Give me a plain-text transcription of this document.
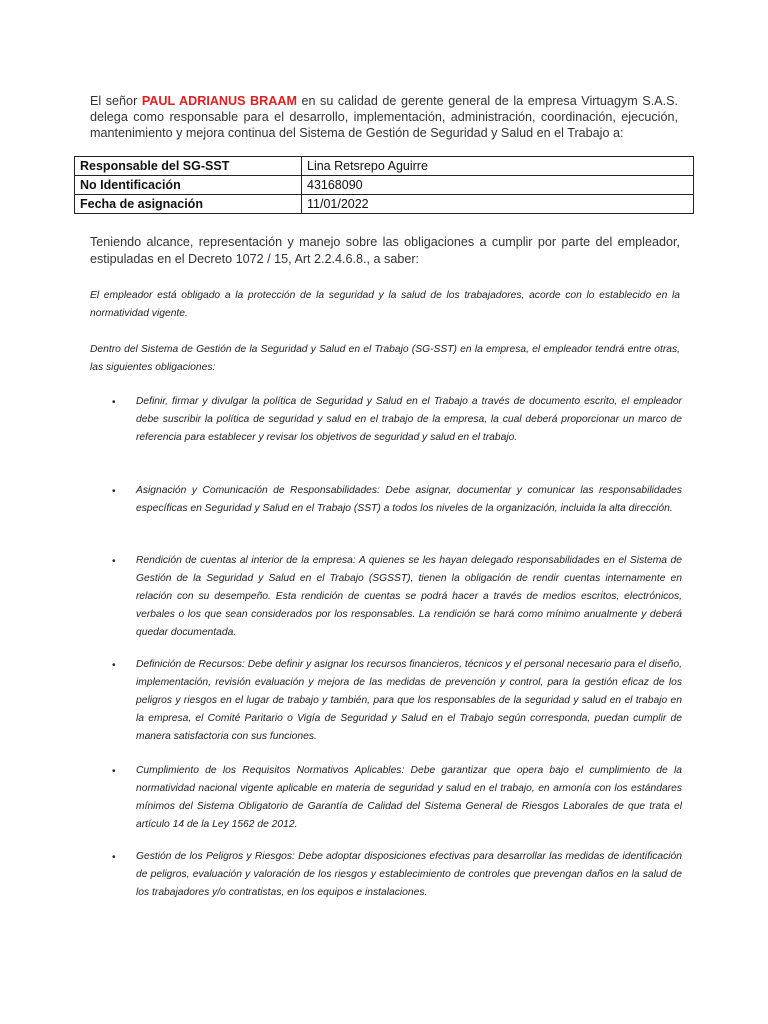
El señor PAUL ADRIANUS BRAAM en su calidad de gerente general de la empresa Virtuagym S.A.S. delega como responsable para el desarrollo, implementación, administración, coordinación, ejecución, mantenimiento y mejora continua del Sistema de Gestión de Seguridad y Salud en el Trabajo a:

Responsable del SG-SST	Lina Retsrepo Aguirre
No Identificación	43168090
Fecha de asignación	11/01/2022

Teniendo alcance, representación y manejo sobre las obligaciones a cumplir por parte del empleador, estipuladas en el Decreto 1072 / 15, Art 2.2.4.6.8., a saber:

El empleador está obligado a la protección de la seguridad y la salud de los trabajadores, acorde con lo establecido en la normatividad vigente.

Dentro del Sistema de Gestión de la Seguridad y Salud en el Trabajo (SG-SST) en la empresa, el empleador tendrá entre otras, las siguientes obligaciones:

• Definir, firmar y divulgar la política de Seguridad y Salud en el Trabajo a través de documento escrito, el empleador debe suscribir la política de seguridad y salud en el trabajo de la empresa, la cual deberá proporcionar un marco de referencia para establecer y revisar los objetivos de seguridad y salud en el trabajo.

• Asignación y Comunicación de Responsabilidades: Debe asignar, documentar y comunicar las responsabilidades específicas en Seguridad y Salud en el Trabajo (SST) a todos los niveles de la organización, incluida la alta dirección.

• Rendición de cuentas al interior de la empresa: A quienes se les hayan delegado responsabilidades en el Sistema de Gestión de la Seguridad y Salud en el Trabajo (SGSST), tienen la obligación de rendir cuentas internamente en relación con su desempeño. Esta rendición de cuentas se podrá hacer a través de medios escritos, electrónicos, verbales o los que sean considerados por los responsables. La rendición se hará como mínimo anualmente y deberá quedar documentada.

• Definición de Recursos: Debe definir y asignar los recursos financieros, técnicos y el personal necesario para el diseño, implementación, revisión evaluación y mejora de las medidas de prevención y control, para la gestión eficaz de los peligros y riesgos en el lugar de trabajo y también, para que los responsables de la seguridad y salud en el trabajo en la empresa, el Comité Paritario o Vigía de Seguridad y Salud en el Trabajo según corresponda, puedan cumplir de manera satisfactoria con sus funciones.

• Cumplimiento de los Requisitos Normativos Aplicables: Debe garantizar que opera bajo el cumplimiento de la normatividad nacional vigente aplicable en materia de seguridad y salud en el trabajo, en armonía con los estándares mínimos del Sistema Obligatorio de Garantía de Calidad del Sistema General de Riesgos Laborales de que trata el artículo 14 de la Ley 1562 de 2012.

• Gestión de los Peligros y Riesgos: Debe adoptar disposiciones efectivas para desarrollar las medidas de identificación de peligros, evaluación y valoración de los riesgos y establecimiento de controles que prevengan daños en la salud de los trabajadores y/o contratistas, en los equipos e instalaciones.
